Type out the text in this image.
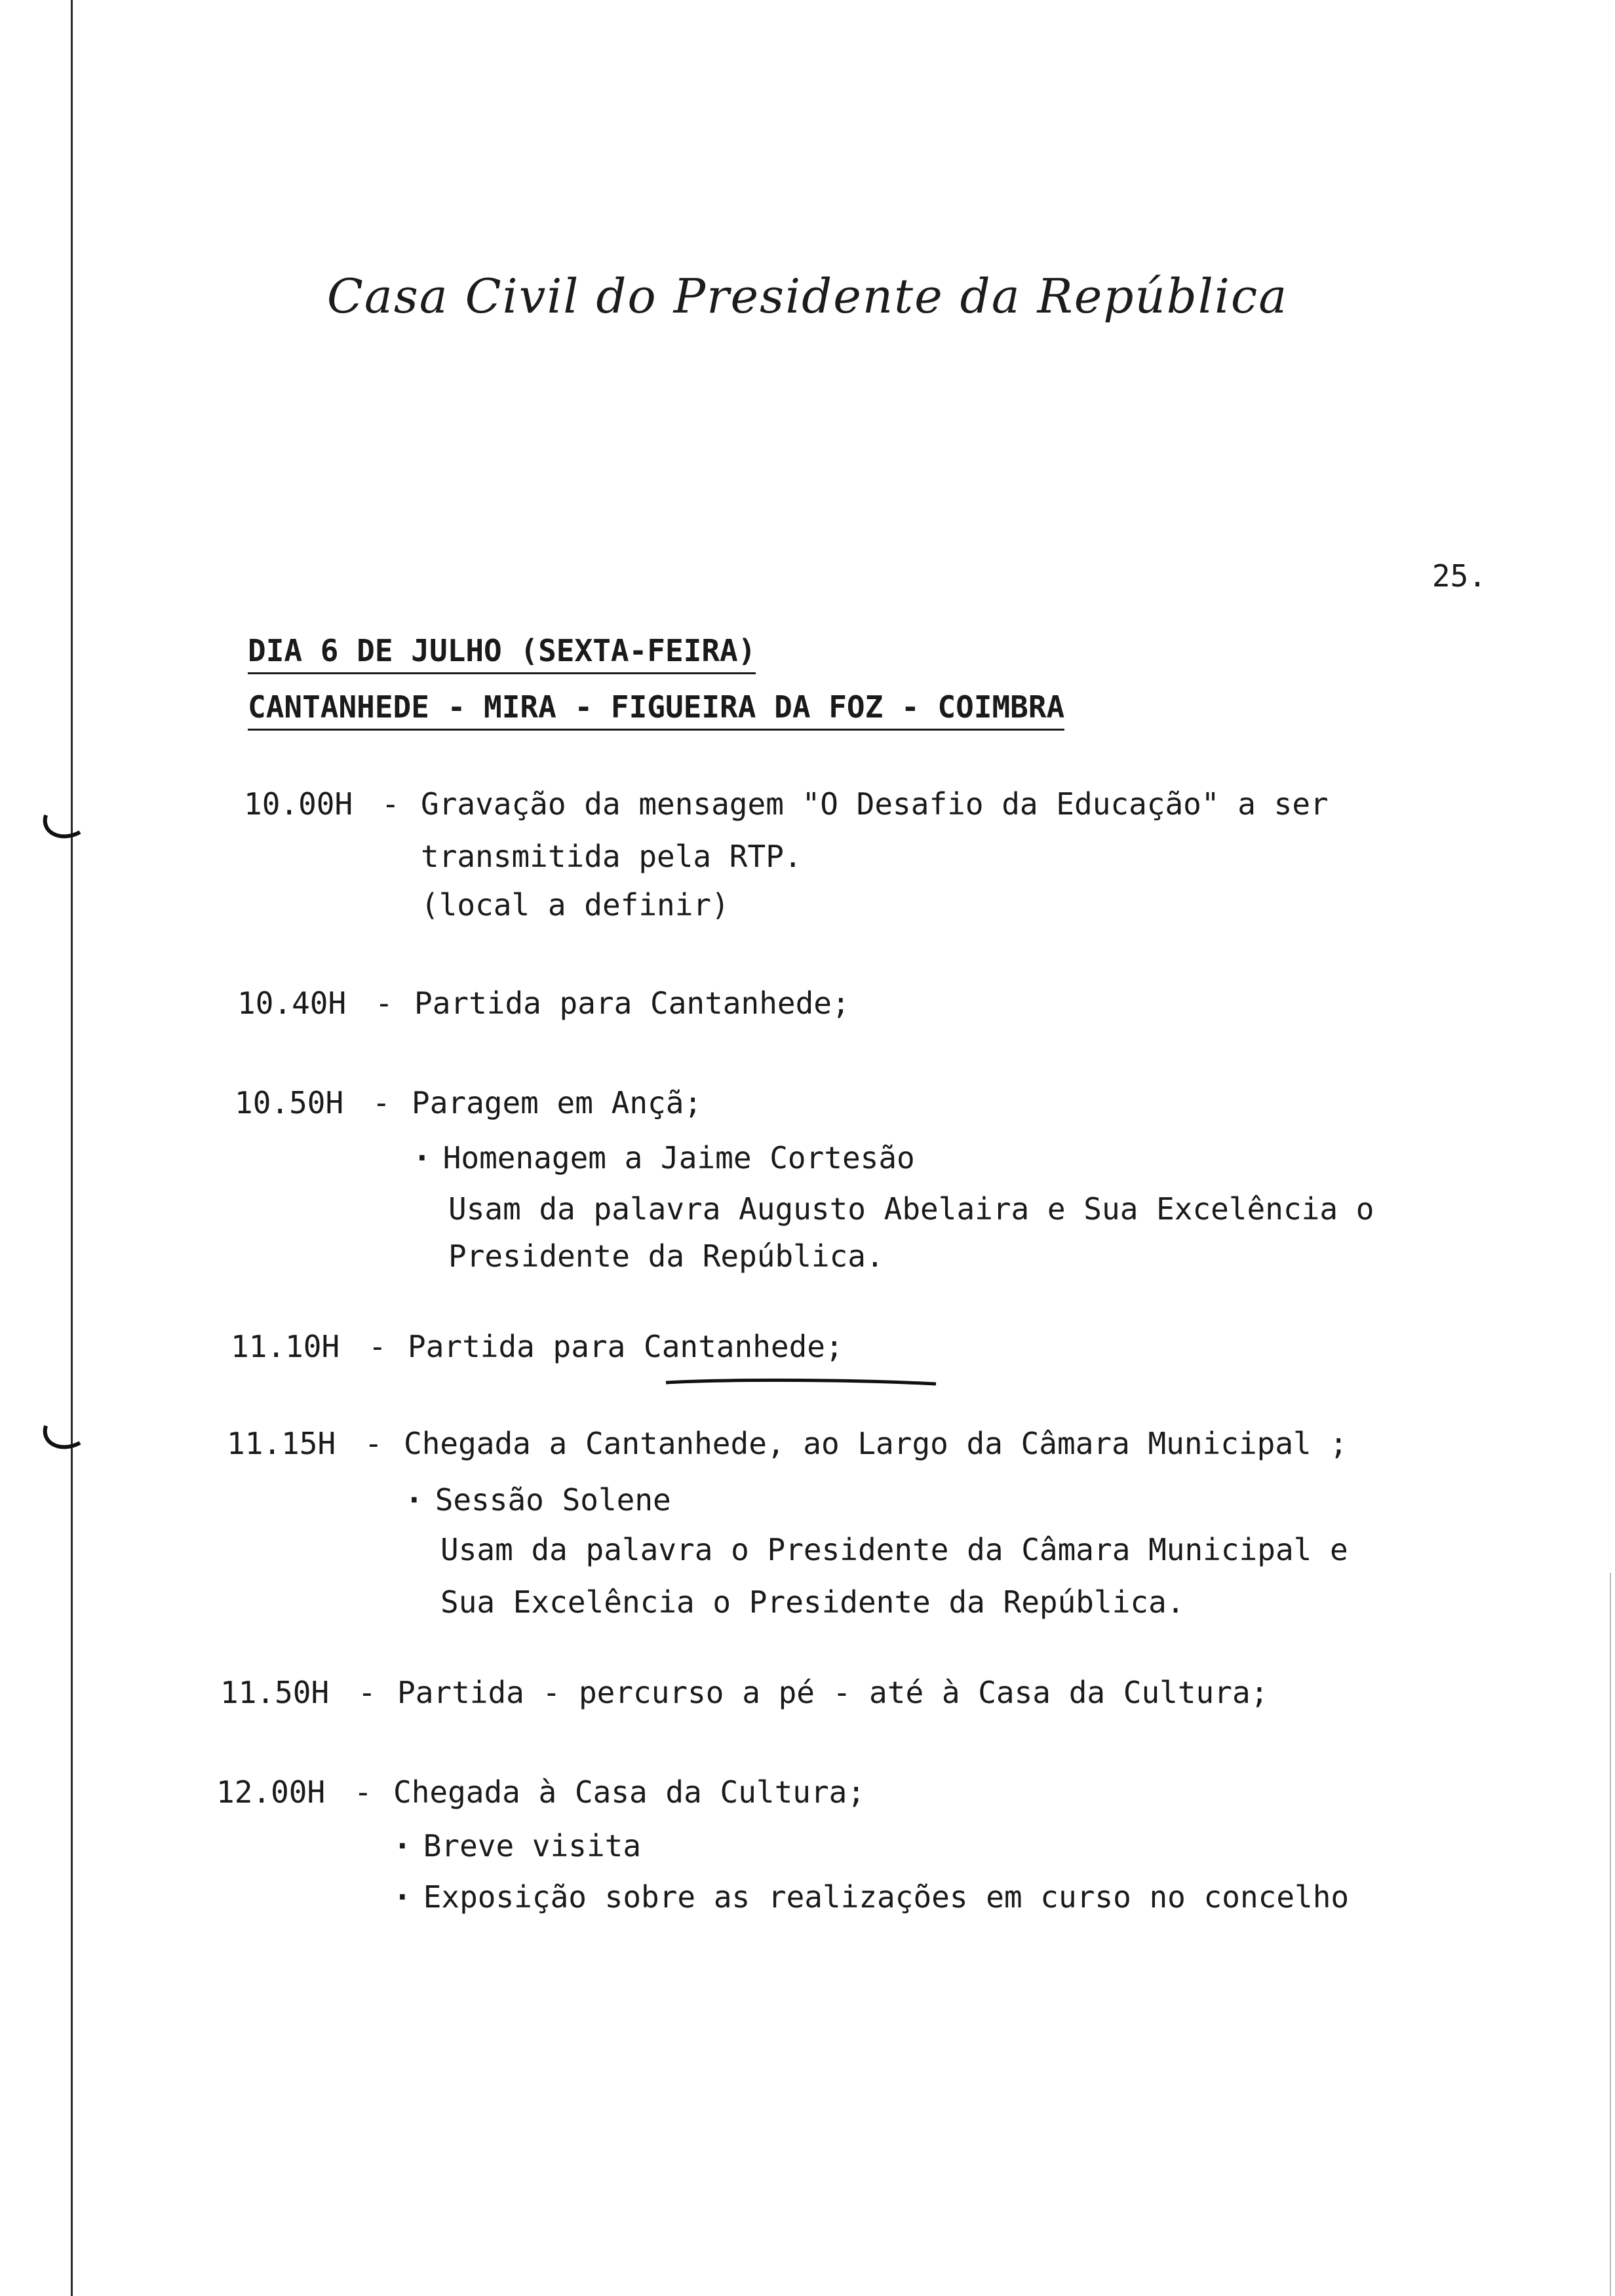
Casa Civil do Presidente da República
25.
DIA 6 DE JULHO (SEXTA-FEIRA)
CANTANHEDE - MIRA - FIGUEIRA DA FOZ - COIMBRA
10.00H - Gravação da mensagem "O Desafio da Educação" a ser
transmitida pela RTP.
(local a definir)
10.40H - Partida para Cantanhede;
10.50H - Paragem em Ançã;
· Homenagem a Jaime Cortesão
Usam da palavra Augusto Abelaira e Sua Excelência o
Presidente da República.
11.10H - Partida para Cantanhede;
11.15H - Chegada a Cantanhede, ao Largo da Câmara Municipal ;
· Sessão Solene
Usam da palavra o Presidente da Câmara Municipal e
Sua Excelência o Presidente da República.
11.50H - Partida - percurso a pé - até à Casa da Cultura;
12.00H - Chegada à Casa da Cultura;
· Breve visita
· Exposição sobre as realizações em curso no concelho
